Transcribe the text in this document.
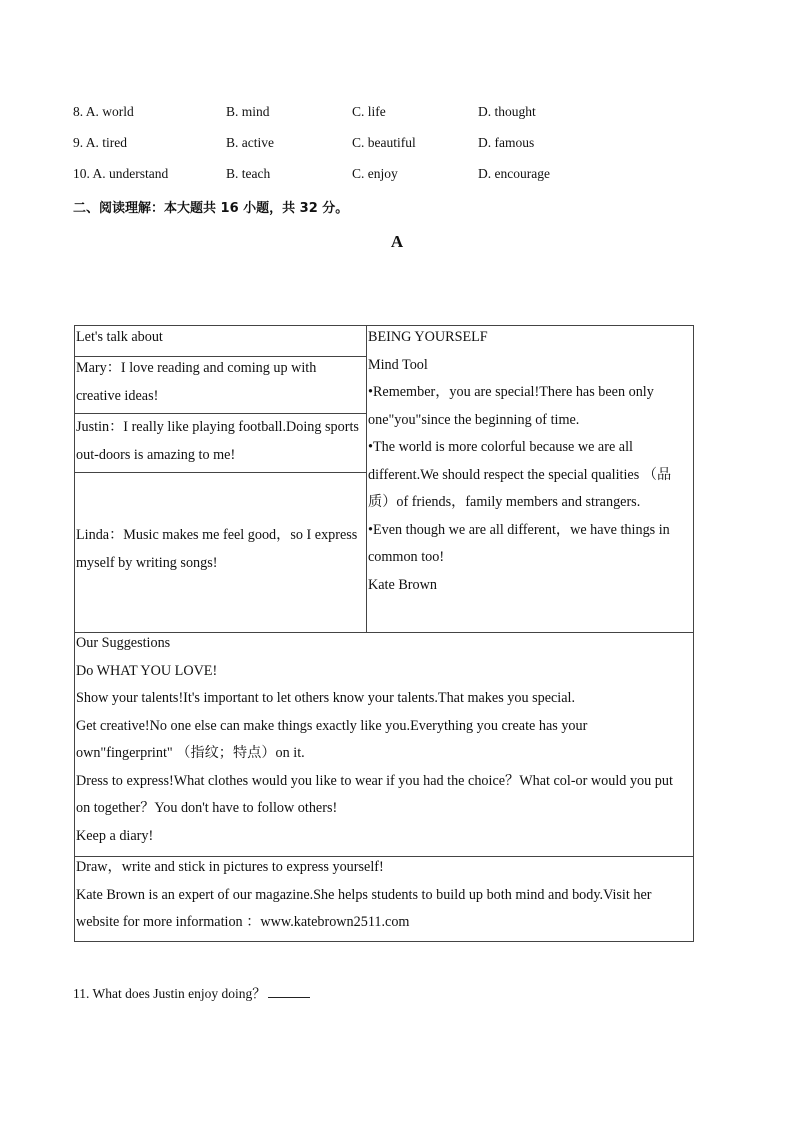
8. A. world	B. mind	C. life	D. thought
9. A. tired	B. active	C. beautiful	D. famous
10. A. understand	B. teach	C. enjoy	D. encourage
二、阅读理解：本大题共 16 小题，共 32 分。
A
Let's talk about
Mary：I love reading and coming up with creative ideas!
Justin：I really like playing football.Doing sports out-doors is amazing to me!
Linda：Music makes me feel good，so I express myself by writing songs!
BEING YOURSELF
Mind Tool
•Remember，you are special!There has been only one"you"since the beginning of time.
•The world is more colorful because we are all different.We should respect the special qualities （品质）of friends，family members and strangers.
•Even though we are all different，we have things in common too!
Kate Brown
Our Suggestions
Do WHAT YOU LOVE!
Show your talents!It's important to let others know your talents.That makes you special.
Get creative!No one else can make things exactly like you.Everything you create has your own"fingerprint" （指纹；特点）on it.
Dress to express!What clothes would you like to wear if you had the choice？What col-or would you put on together？You don't have to follow others!
Keep a diary!
Draw，write and stick in pictures to express yourself!
Kate Brown is an expert of our magazine.She helps students to build up both mind and body.Visit her website for more information ：www.katebrown2511.com
11. What does Justin enjoy doing？
